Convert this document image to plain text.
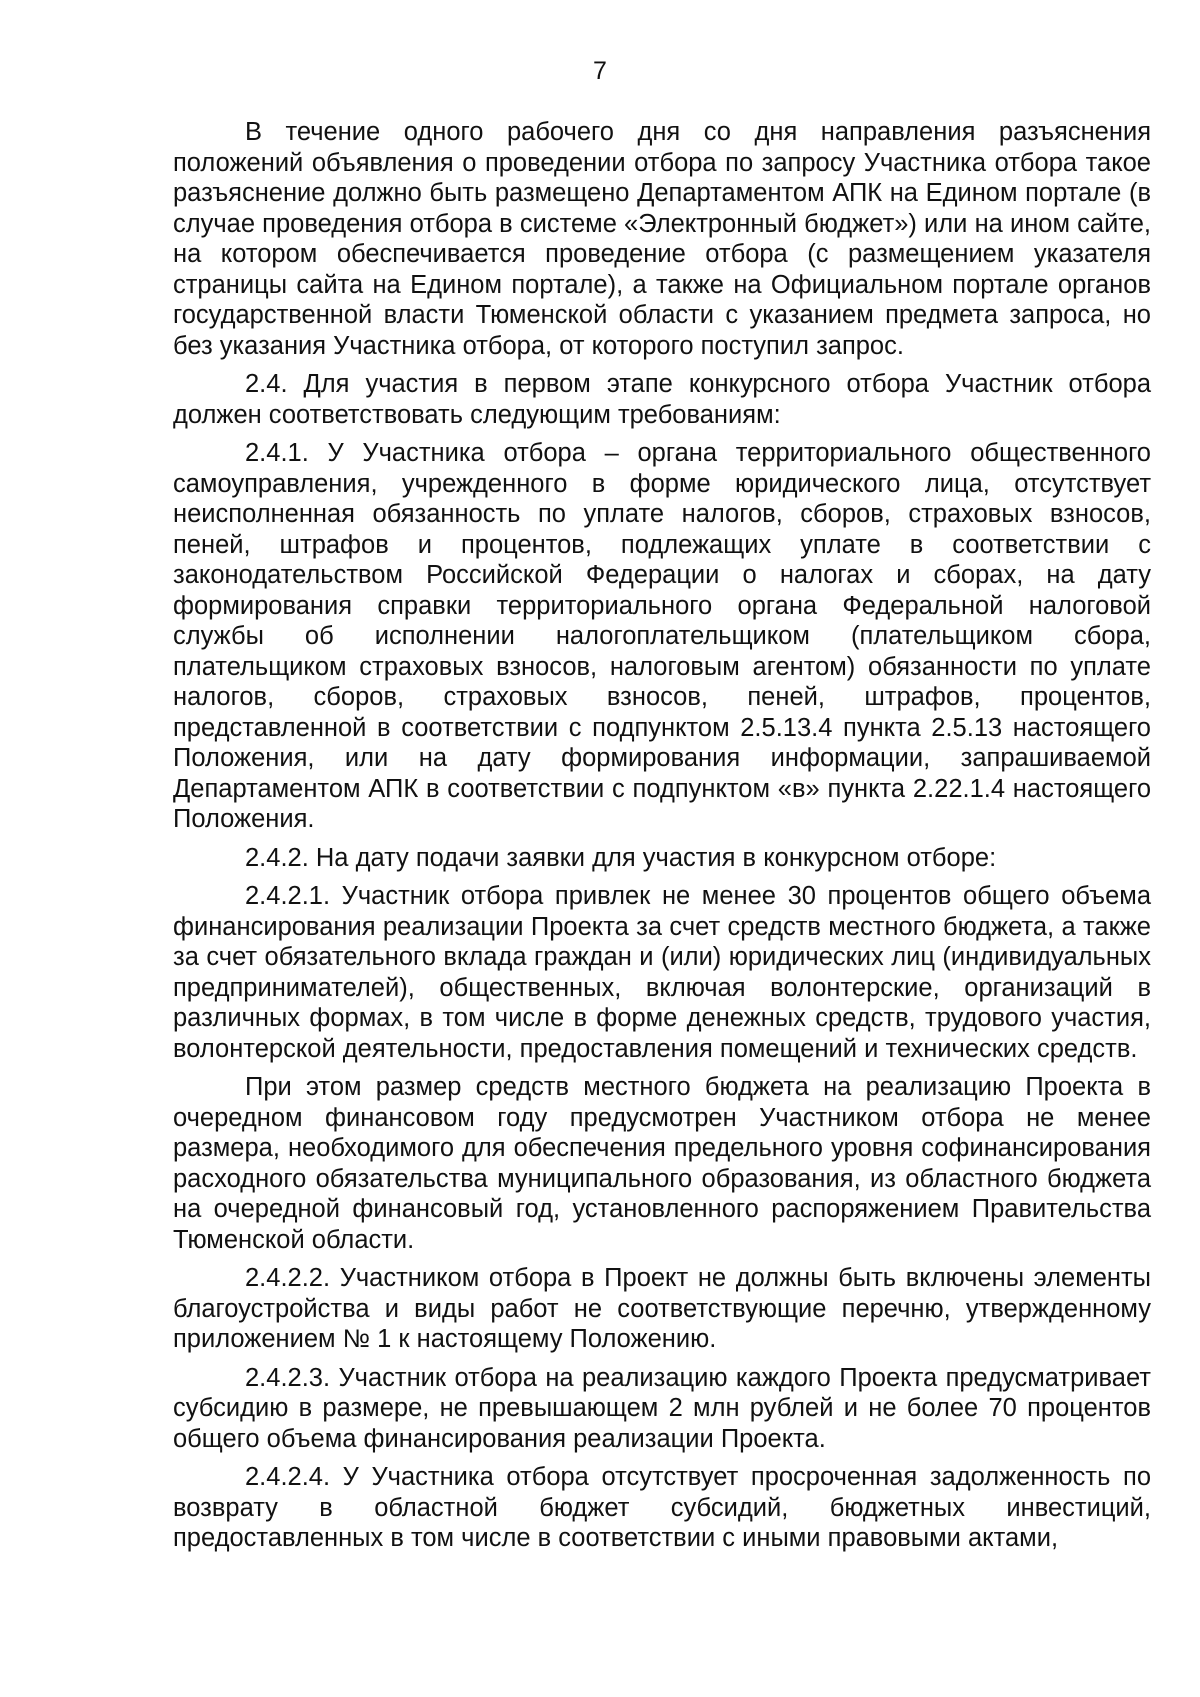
7

В течение одного рабочего дня со дня направления разъяснения положений объявления о проведении отбора по запросу Участника отбора такое разъяснение должно быть размещено Департаментом АПК на Едином портале (в случае проведения отбора в системе «Электронный бюджет») или на ином сайте, на котором обеспечивается проведение отбора (с размещением указателя страницы сайта на Едином портале), а также на Официальном портале органов государственной власти Тюменской области с указанием предмета запроса, но без указания Участника отбора, от которого поступил запрос.

2.4. Для участия в первом этапе конкурсного отбора Участник отбора должен соответствовать следующим требованиям:

2.4.1. У Участника отбора – органа территориального общественного самоуправления, учрежденного в форме юридического лица, отсутствует неисполненная обязанность по уплате налогов, сборов, страховых взносов, пеней, штрафов и процентов, подлежащих уплате в соответствии с законодательством Российской Федерации о налогах и сборах, на дату формирования справки территориального органа Федеральной налоговой службы об исполнении налогоплательщиком (плательщиком сбора, плательщиком страховых взносов, налоговым агентом) обязанности по уплате налогов, сборов, страховых взносов, пеней, штрафов, процентов, представленной в соответствии с подпунктом 2.5.13.4 пункта 2.5.13 настоящего Положения, или на дату формирования информации, запрашиваемой Департаментом АПК в соответствии с подпунктом «в» пункта 2.22.1.4 настоящего Положения.

2.4.2. На дату подачи заявки для участия в конкурсном отборе:

2.4.2.1. Участник отбора привлек не менее 30 процентов общего объема финансирования реализации Проекта за счет средств местного бюджета, а также за счет обязательного вклада граждан и (или) юридических лиц (индивидуальных предпринимателей), общественных, включая волонтерские, организаций в различных формах, в том числе в форме денежных средств, трудового участия, волонтерской деятельности, предоставления помещений и технических средств.

При этом размер средств местного бюджета на реализацию Проекта в очередном финансовом году предусмотрен Участником отбора не менее размера, необходимого для обеспечения предельного уровня софинансирования расходного обязательства муниципального образования, из областного бюджета на очередной финансовый год, установленного распоряжением Правительства Тюменской области.

2.4.2.2. Участником отбора в Проект не должны быть включены элементы благоустройства и виды работ не соответствующие перечню, утвержденному приложением № 1 к настоящему Положению.

2.4.2.3. Участник отбора на реализацию каждого Проекта предусматривает субсидию в размере, не превышающем 2 млн рублей и не более 70 процентов общего объема финансирования реализации Проекта.

2.4.2.4. У Участника отбора отсутствует просроченная задолженность по возврату в областной бюджет субсидий, бюджетных инвестиций, предоставленных в том числе в соответствии с иными правовыми актами,
